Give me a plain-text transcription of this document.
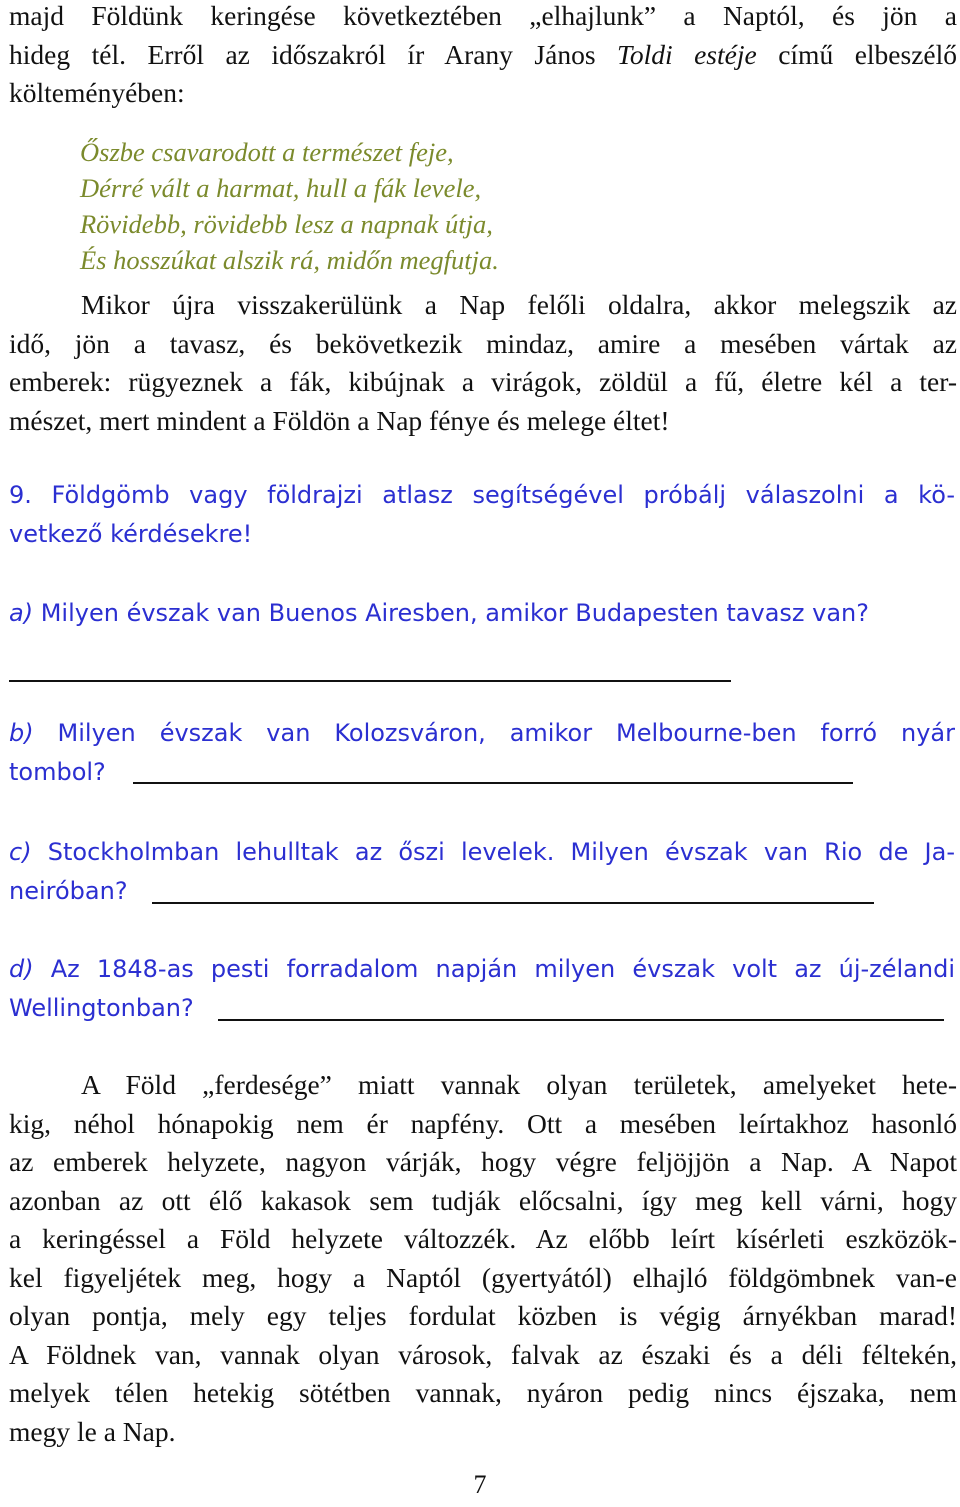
majd Földünk keringése következtében „elhajlunk” a Naptól, és jön a
hideg tél. Erről az időszakról ír Arany János Toldi estéje című elbeszélő
költeményében:
Őszbe csavarodott a természet feje,
Dérré vált a harmat, hull a fák levele,
Rövidebb, rövidebb lesz a napnak útja,
És hosszúkat alszik rá, midőn megfutja.
Mikor újra visszakerülünk a Nap felőli oldalra, akkor melegszik az
idő, jön a tavasz, és bekövetkezik mindaz, amire a mesében vártak az
emberek: rügyeznek a fák, kibújnak a virágok, zöldül a fű, életre kél a ter-
mészet, mert mindent a Földön a Nap fénye és melege éltet!
9. Földgömb vagy földrajzi atlasz segítségével próbálj válaszolni a kö-
vetkező kérdésekre!
a) Milyen évszak van Buenos Airesben, amikor Budapesten tavasz van?
b) Milyen évszak van Kolozsváron, amikor Melbourne-ben forró nyár
tombol?
c) Stockholmban lehulltak az őszi levelek. Milyen évszak van Rio de Ja-
neiróban?
d) Az 1848-as pesti forradalom napján milyen évszak volt az új-zélandi
Wellingtonban?
A Föld „ferdesége” miatt vannak olyan területek, amelyeket hete-
kig, néhol hónapokig nem ér napfény. Ott a mesében leírtakhoz hasonló
az emberek helyzete, nagyon várják, hogy végre feljöjjön a Nap. A Napot
azonban az ott élő kakasok sem tudják előcsalni, így meg kell várni, hogy
a keringéssel a Föld helyzete változzék. Az előbb leírt kísérleti eszközök-
kel figyeljétek meg, hogy a Naptól (gyertyától) elhajló földgömbnek van-e
olyan pontja, mely egy teljes fordulat közben is végig árnyékban marad!
A Földnek van, vannak olyan városok, falvak az északi és a déli féltekén,
melyek télen hetekig sötétben vannak, nyáron pedig nincs éjszaka, nem
megy le a Nap.
7
